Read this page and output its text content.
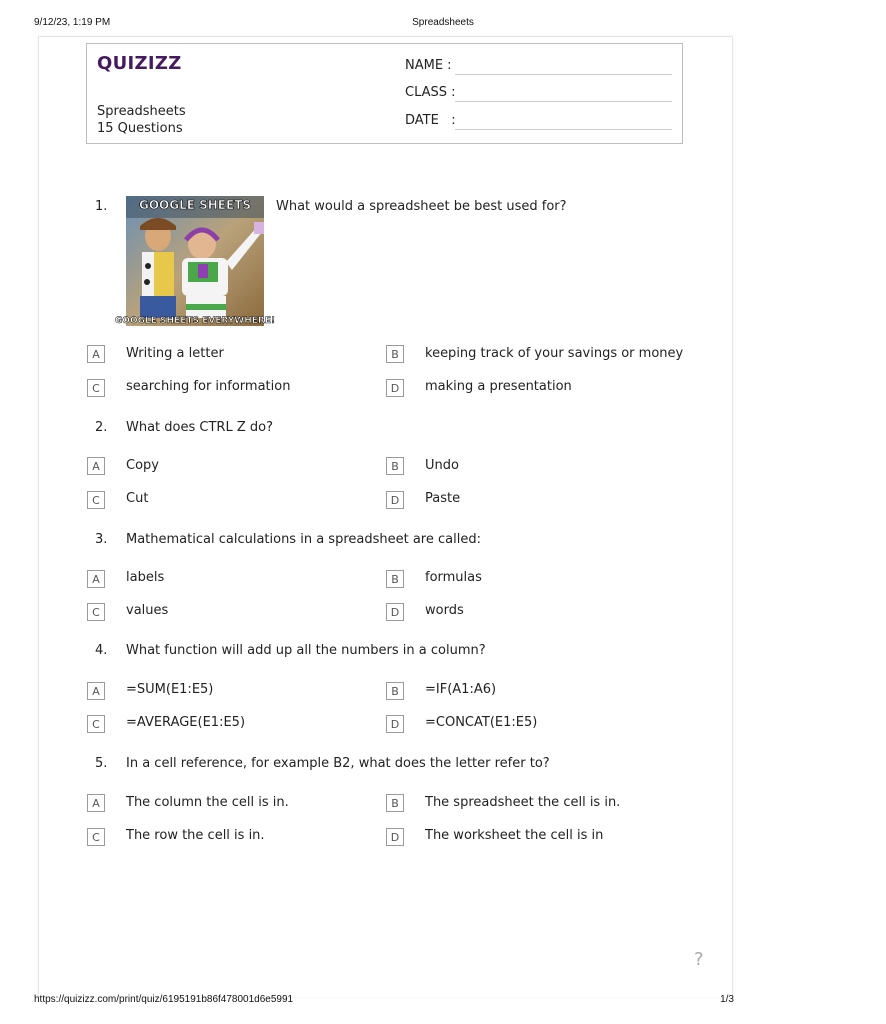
9/12/23, 1:19 PM	Spreadsheets
QUIZIZZ
Spreadsheets
15 Questions
NAME :
CLASS :
DATE   :
GOOGLE SHEETS
GOOGLE SHEETS EVERYWHERE!
1.	What would a spreadsheet be best used for?
A	Writing a letter	B	keeping track of your savings or money
C	searching for information	D	making a presentation
2.	What does CTRL Z do?
A	Copy	B	Undo
C	Cut	D	Paste
3.	Mathematical calculations in a spreadsheet are called:
A	labels	B	formulas
C	values	D	words
4.	What function will add up all the numbers in a column?
A	=SUM(E1:E5)	B	=IF(A1:A6)
C	=AVERAGE(E1:E5)	D	=CONCAT(E1:E5)
5.	In a cell reference, for example B2, what does the letter refer to?
A	The column the cell is in.	B	The spreadsheet the cell is in.
C	The row the cell is in.	D	The worksheet the cell is in
?
https://quizizz.com/print/quiz/6195191b86f478001d6e5991	1/3
